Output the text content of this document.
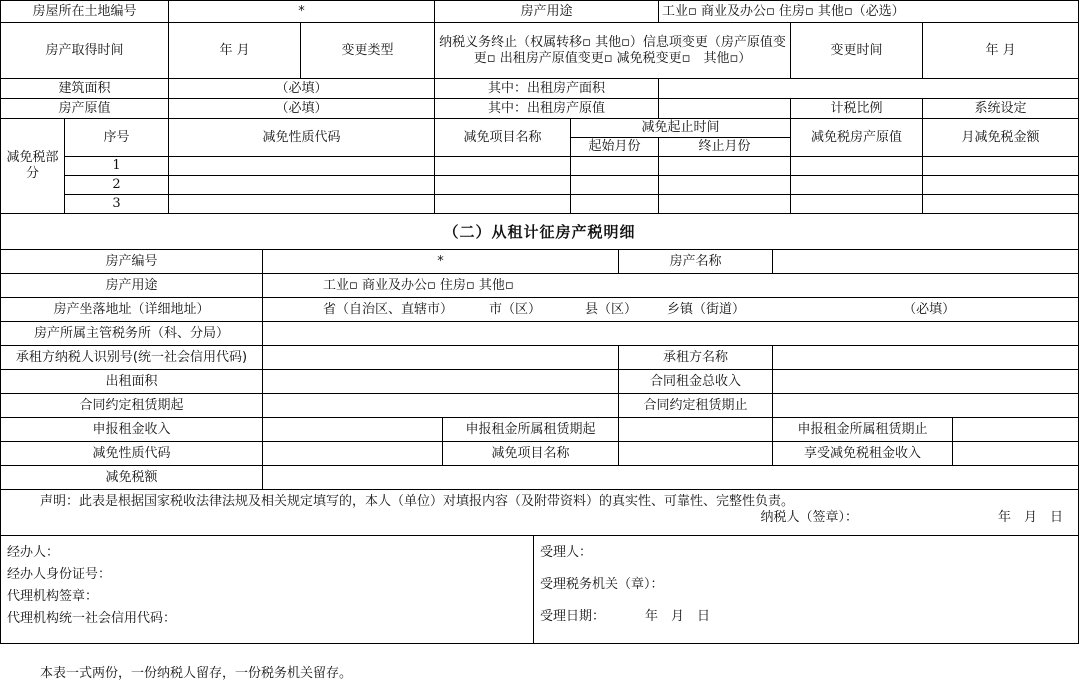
房屋所在土地编号		*		房产用途		工业▫ 商业及办公▫ 住房▫ 其他▫（必选）		
房产取得时间		年 月	变更类型	纳税义务终止（权属转移▫ 其他▫）信息项变更（房产原值变更▫ 出租房产原值变更▫ 减免税变更▫　其他▫）			变更时间	年 月
建筑面积		（必填）		其中：出租房产面积				
房产原值		（必填）		其中：出租房产原值			计税比例	系统设定
减免税部分	序号	减免性质代码		减免项目名称	减免起止时间		减免税房产原值	月减免税金额
					起始月份	终止月份		
	1							
	2							
	3							
（二）从租计征房产税明细								
房产编号	*		房产名称		
房产用途	工业▫ 商业及办公▫ 住房▫ 其他▫				
房产坐落地址（详细地址）	省（自治区、直辖市） 市（区） 县（区） 乡镇（街道） （必填）				
房产所属主管税务所（科、分局）					
承租方纳税人识别号(统一社会信用代码)			承租方名称		
出租面积			合同租金总收入		
合同约定租赁期起			合同约定租赁期止		
申报租金收入		申报租金所属租赁期起		申报租金所属租赁期止	
减免性质代码		减免项目名称		享受减免税租金收入	
减免税额					

声明：此表是根据国家税收法律法规及相关规定填写的，本人（单位）对填报内容（及附带资料）的真实性、可靠性、完整性负责。
纳税人（签章）： 年　月　日					
经办人：
经办人身份证号：
代理机构签章：
代理机构统一社会信用代码：

受理人：
受理税务机关（章）：
受理日期：	年　月　日
本表一式两份，一份纳税人留存，一份税务机关留存。
